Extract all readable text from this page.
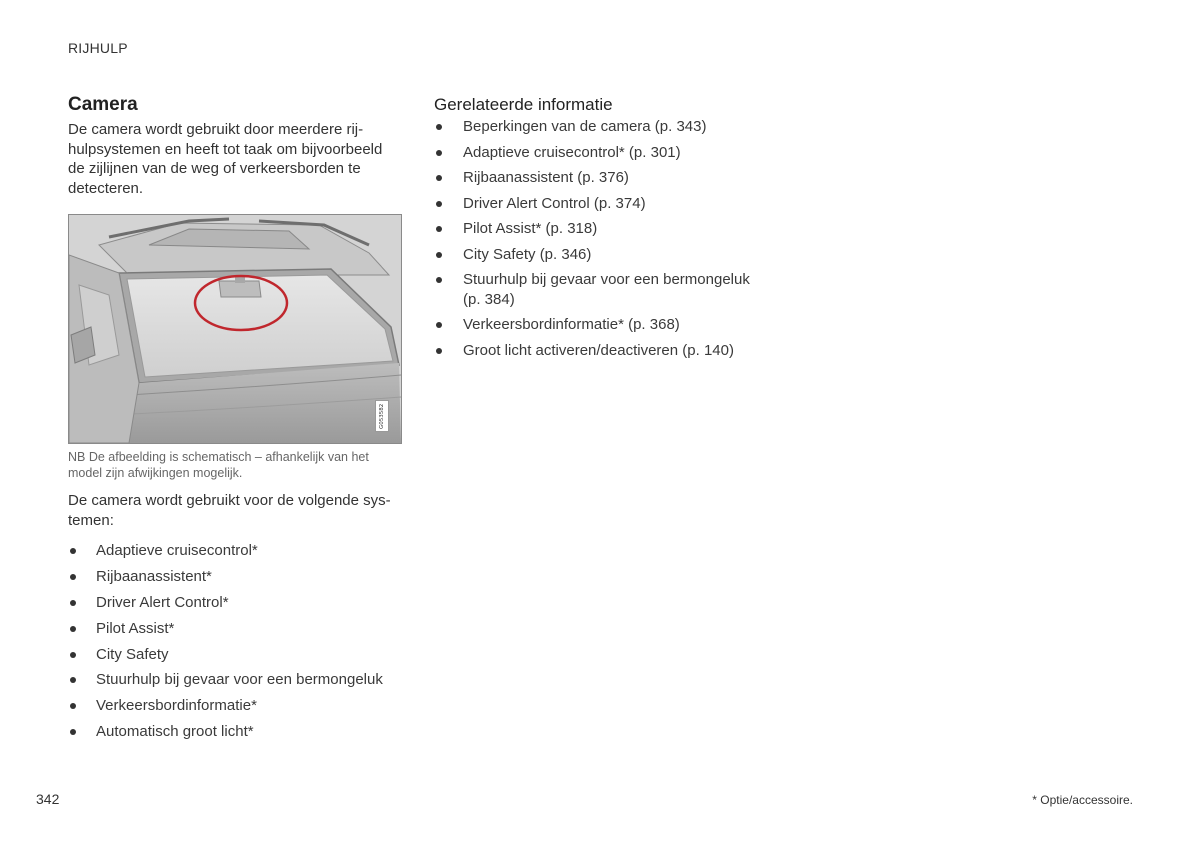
RIJHULP
Camera

De camera wordt gebruikt door meerdere rij-hulpsystemen en heeft tot taak om bijvoorbeeld de zijlijnen van de weg of verkeersborden te detecteren.

G053582

NB De afbeelding is schematisch – afhankelijk van het model zijn afwijkingen mogelijk.

De camera wordt gebruikt voor de volgende sys-temen:

Adaptieve cruisecontrol*
Rijbaanassistent*
Driver Alert Control*
Pilot Assist*
City Safety
Stuurhulp bij gevaar voor een bermongeluk
Verkeersbordinformatie*
Automatisch groot licht*
Gerelateerde informatie
Beperkingen van de camera (p. 343)
Adaptieve cruisecontrol* (p. 301)
Rijbaanassistent (p. 376)
Driver Alert Control (p. 374)
Pilot Assist* (p. 318)
City Safety (p. 346)
Stuurhulp bij gevaar voor een bermongeluk (p. 384)
Verkeersbordinformatie* (p. 368)
Groot licht activeren/deactiveren (p. 140)
342	* Optie/accessoire.
